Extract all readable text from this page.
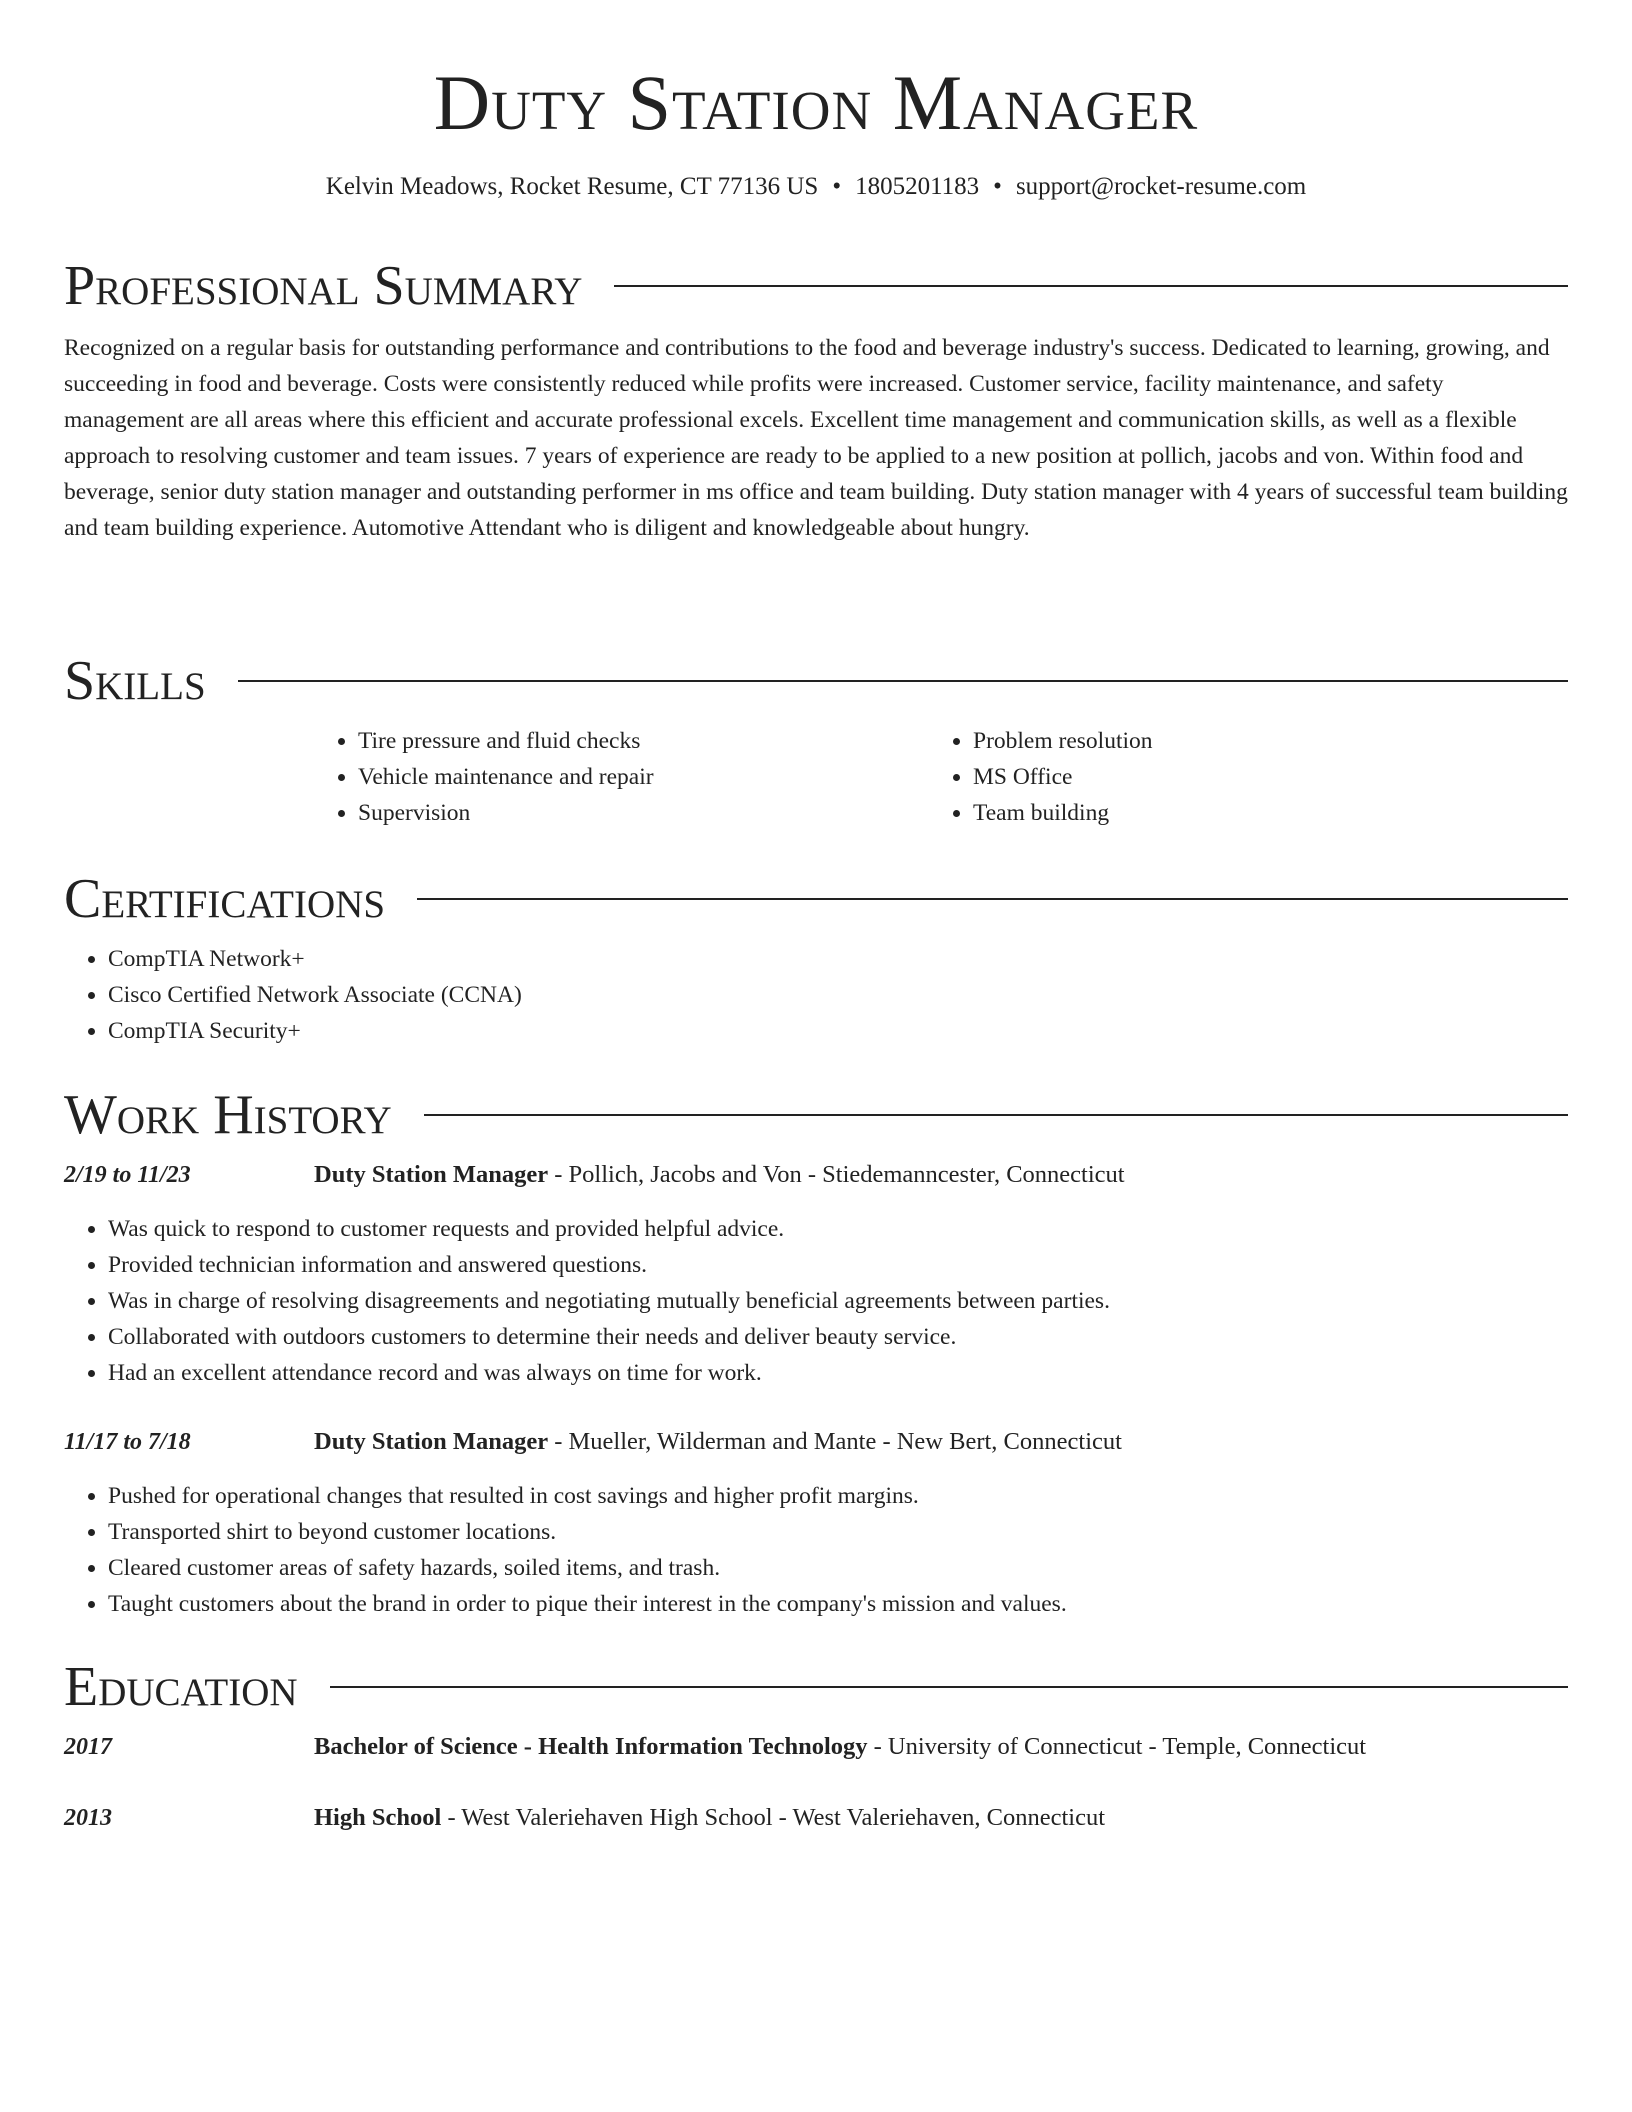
Duty Station Manager
Kelvin Meadows, Rocket Resume, CT 77136 US • 1805201183 • support@rocket-resume.com
Professional Summary

Recognized on a regular basis for outstanding performance and contributions to the food and beverage industry's success. Dedicated to learning, growing, and succeeding in food and beverage. Costs were consistently reduced while profits were increased. Customer service, facility maintenance, and safety management are all areas where this efficient and accurate professional excels. Excellent time management and communication skills, as well as a flexible approach to resolving customer and team issues. 7 years of experience are ready to be applied to a new position at pollich, jacobs and von. Within food and beverage, senior duty station manager and outstanding performer in ms office and team building. Duty station manager with 4 years of successful team building and team building experience. Automotive Attendant who is diligent and knowledgeable about hungry.

Skills
• Tire pressure and fluid checks
• Vehicle maintenance and repair
• Supervision
• Problem resolution
• MS Office
• Team building
Certifications
• CompTIA Network+
• Cisco Certified Network Associate (CCNA)
• CompTIA Security+
Work History
2/19 to 11/23	Duty Station Manager - Pollich, Jacobs and Von - Stiedemanncester, Connecticut
• Was quick to respond to customer requests and provided helpful advice.
• Provided technician information and answered questions.
• Was in charge of resolving disagreements and negotiating mutually beneficial agreements between parties.
• Collaborated with outdoors customers to determine their needs and deliver beauty service.
• Had an excellent attendance record and was always on time for work.
11/17 to 7/18	Duty Station Manager - Mueller, Wilderman and Mante - New Bert, Connecticut
• Pushed for operational changes that resulted in cost savings and higher profit margins.
• Transported shirt to beyond customer locations.
• Cleared customer areas of safety hazards, soiled items, and trash.
• Taught customers about the brand in order to pique their interest in the company's mission and values.
Education
2017	Bachelor of Science - Health Information Technology - University of Connecticut - Temple, Connecticut
2013	High School - West Valeriehaven High School - West Valeriehaven, Connecticut
